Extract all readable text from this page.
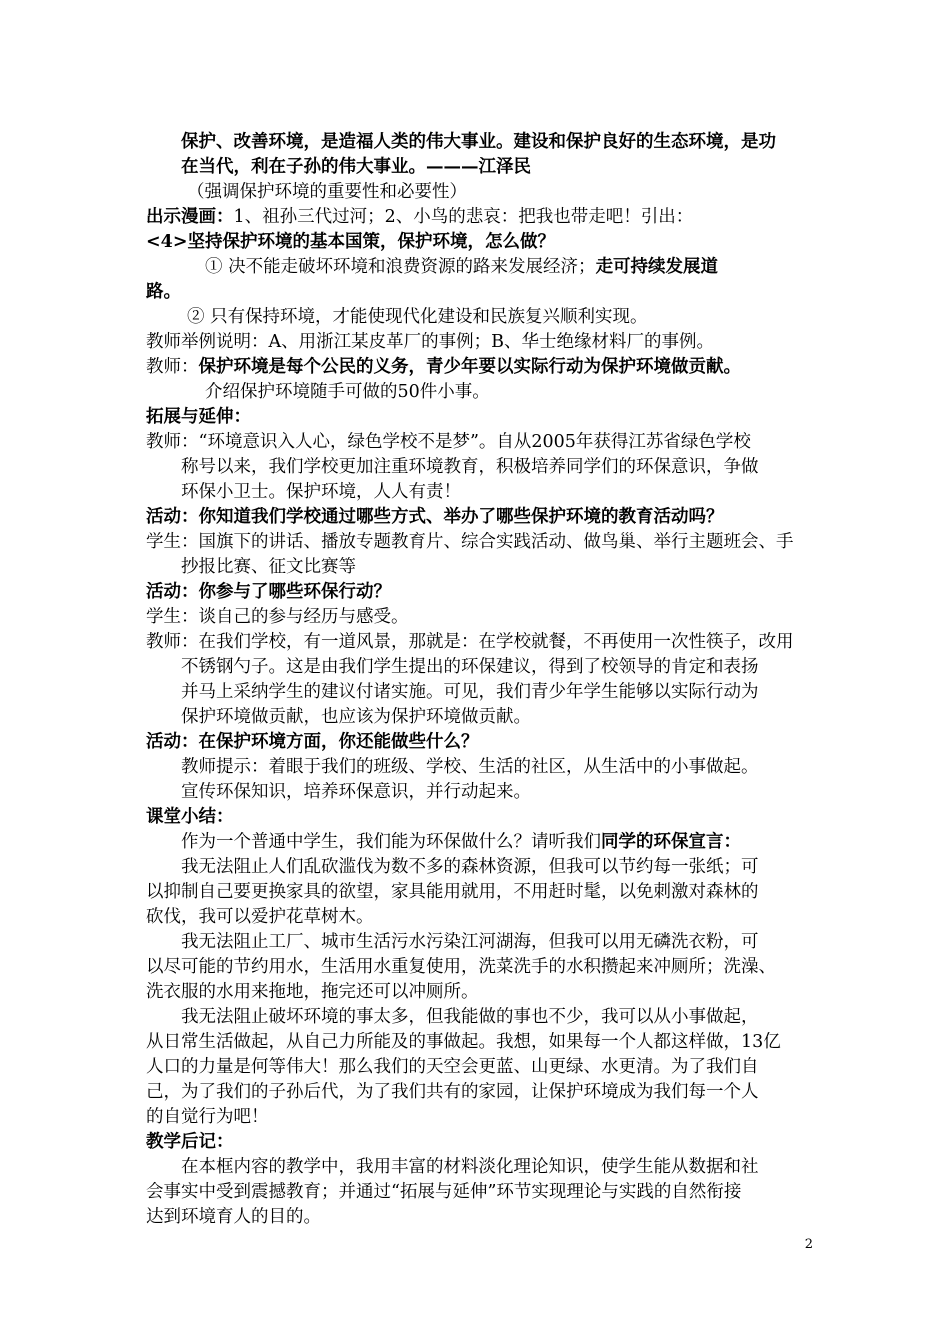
保护、改善环境，是造福人类的伟大事业。建设和保护良好的生态环境，是功
在当代，利在子孙的伟大事业。———江泽民
（强调保护环境的重要性和必要性）
出示漫画：1、祖孙三代过河；2、小鸟的悲哀：把我也带走吧！引出：
<4>坚持保护环境的基本国策，保护环境，怎么做？
① 决不能走破坏环境和浪费资源的路来发展经济；走可持续发展道
路。
② 只有保持环境，才能使现代化建设和民族复兴顺利实现。
教师举例说明：A、用浙江某皮革厂的事例；B、华士绝缘材料厂的事例。
教师：保护环境是每个公民的义务，青少年要以实际行动为保护环境做贡献。
介绍保护环境随手可做的50件小事。
拓展与延伸：
教师：“环境意识入人心，绿色学校不是梦”。自从2005年获得江苏省绿色学校
称号以来，我们学校更加注重环境教育，积极培养同学们的环保意识，争做
环保小卫士。保护环境，人人有责！
活动：你知道我们学校通过哪些方式、举办了哪些保护环境的教育活动吗？
学生：国旗下的讲话、播放专题教育片、综合实践活动、做鸟巢、举行主题班会、手
抄报比赛、征文比赛等
活动：你参与了哪些环保行动？
学生：谈自己的参与经历与感受。
教师：在我们学校，有一道风景，那就是：在学校就餐，不再使用一次性筷子，改用
不锈钢勺子。这是由我们学生提出的环保建议，得到了校领导的肯定和表扬
并马上采纳学生的建议付诸实施。可见，我们青少年学生能够以实际行动为
保护环境做贡献，也应该为保护环境做贡献。
活动：在保护环境方面，你还能做些什么？
教师提示：着眼于我们的班级、学校、生活的社区，从生活中的小事做起。
宣传环保知识，培养环保意识，并行动起来。
课堂小结：
作为一个普通中学生，我们能为环保做什么？请听我们同学的环保宣言：
我无法阻止人们乱砍滥伐为数不多的森林资源，但我可以节约每一张纸；可
以抑制自己要更换家具的欲望，家具能用就用，不用赶时髦，以免刺激对森林的
砍伐，我可以爱护花草树木。
我无法阻止工厂、城市生活污水污染江河湖海，但我可以用无磷洗衣粉，可
以尽可能的节约用水，生活用水重复使用，洗菜洗手的水积攒起来冲厕所；洗澡、
洗衣服的水用来拖地，拖完还可以冲厕所。
我无法阻止破坏环境的事太多，但我能做的事也不少，我可以从小事做起，
从日常生活做起，从自己力所能及的事做起。我想，如果每一个人都这样做，13亿
人口的力量是何等伟大！那么我们的天空会更蓝、山更绿、水更清。为了我们自
己，为了我们的子孙后代，为了我们共有的家园，让保护环境成为我们每一个人
的自觉行为吧！
教学后记：
在本框内容的教学中，我用丰富的材料淡化理论知识，使学生能从数据和社
会事实中受到震撼教育；并通过“拓展与延伸”环节实现理论与实践的自然衔接
达到环境育人的目的。
2
